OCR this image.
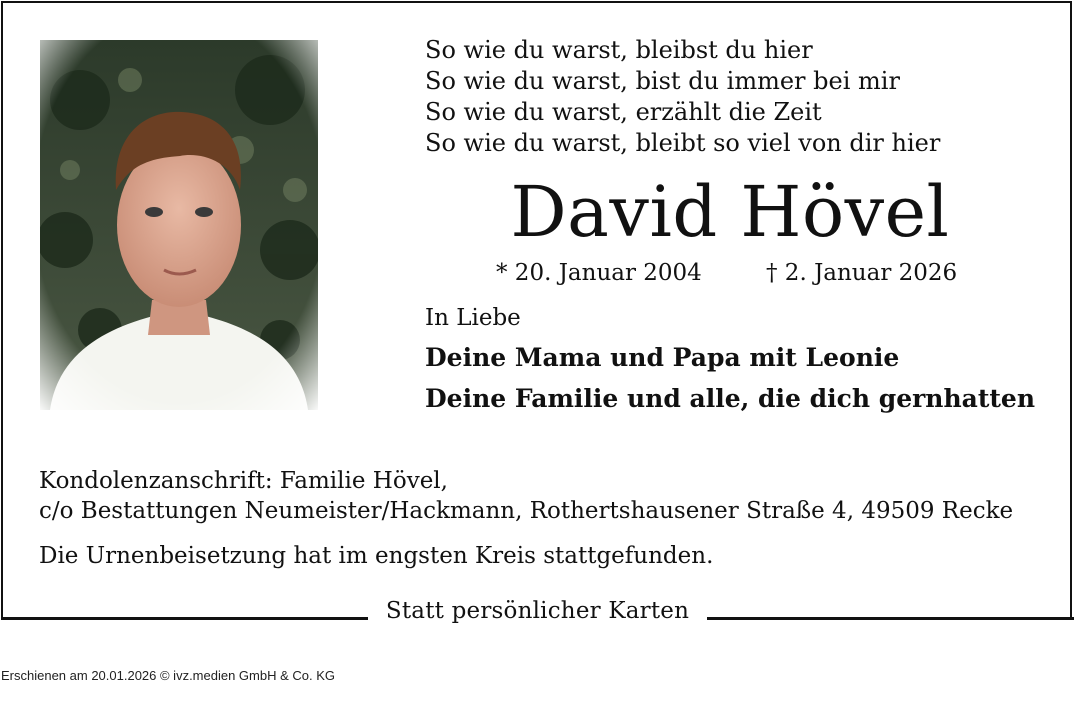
Statt persönlicher Karten
So wie du warst, bleibst du hier
So wie du warst, bist du immer bei mir
So wie du warst, erzählt die Zeit
So wie du warst, bleibt so viel von dir hier
David Hövel
* 20. Januar 2004	† 2. Januar 2026
In Liebe
Deine Mama und Papa mit Leonie
Deine Familie und alle, die dich gernhatten
Kondolenzanschrift: Familie Hövel,
c/o Bestattungen Neumeister/Hackmann, Rothertshausener Straße 4, 49509 Recke
Die Urnenbeisetzung hat im engsten Kreis stattgefunden.
Erschienen am 20.01.2026 © ivz.medien GmbH & Co. KG
